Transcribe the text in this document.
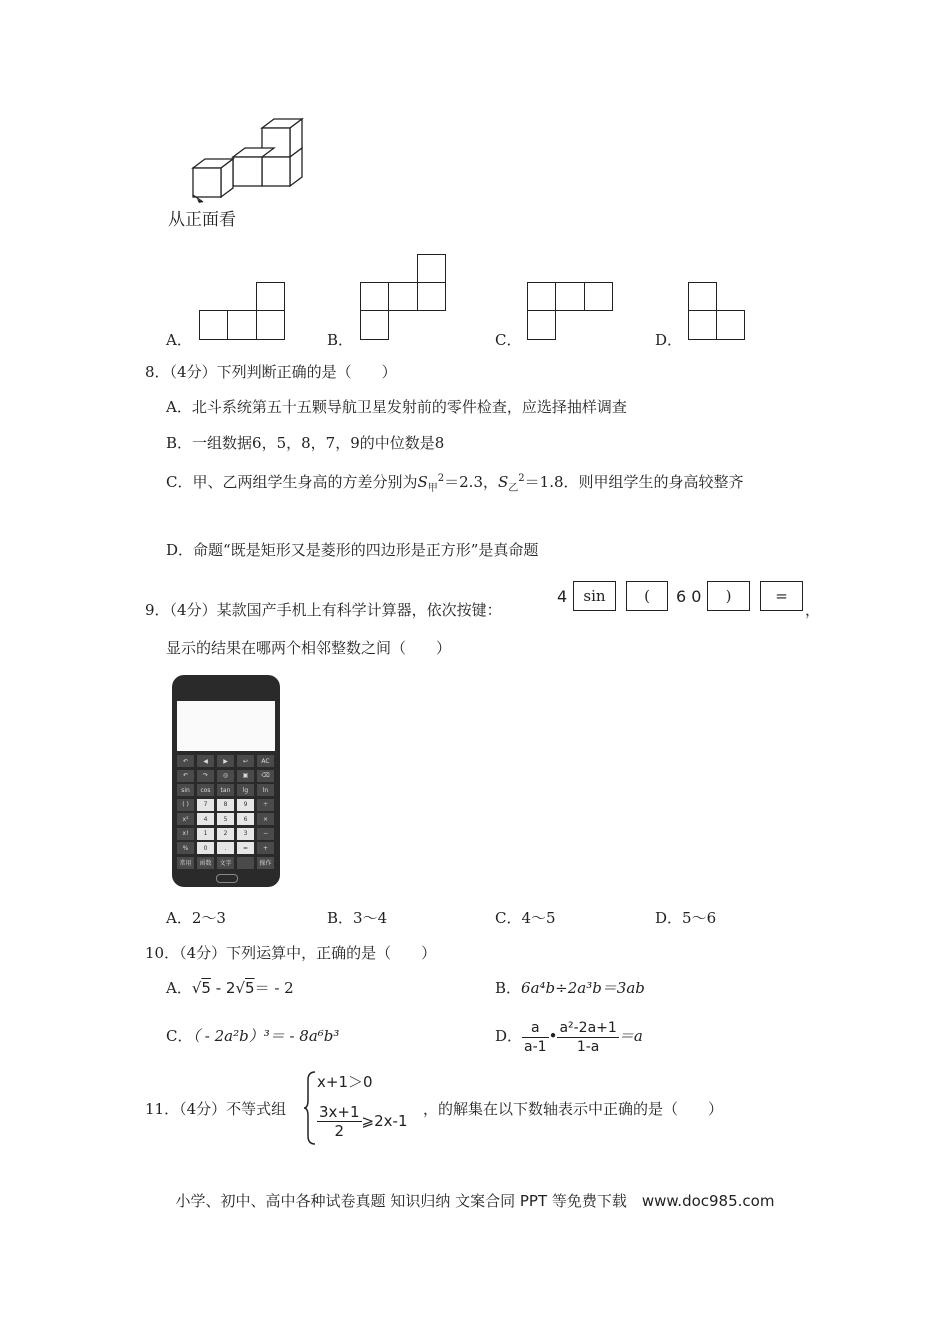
从正面看
A．	B．	C．	D．
8．（4分）下列判断正确的是（　　）
A．北斗系统第五十五颗导航卫星发射前的零件检查，应选择抽样调查
B．一组数据6，5，8，7，9的中位数是8
C．甲、乙两组学生身高的方差分别为$S_甲^2=2.3$，$S_乙^2=1.8$．则甲组学生的身高较整齐
D．命题“既是矩形又是菱形的四边形是正方形”是真命题
9．（4分）某款国产手机上有科学计算器，依次按键：
4	sin	(	6 0	)	=
，
显示的结果在哪两个相邻整数之间（　　）
↶	◀	▶	↩	AC
↶	↷	◎	▣	⌫
sin	cos	tan	lg	ln
( )	7	8	9	÷
x²	4	5	6	×
x!	1	2	3	−
%	0	.	=	+
常用	函数	文字	操作
A．2～3	B．3～4	C．4～5	D．5～6
10．（4分）下列运算中，正确的是（　　）
A．√5 - 2√5＝ - 2	B．6a⁴b÷2a³b＝3ab
C．（ - 2a²b）³＝ - 8a⁶b³	D． $\frac{a}{a-1}$ • $\frac{\text{a²-2a+1}}{1-a} =a$
11．（4分）不等式组
x+1＞0
$\frac{3x+1}{2}$ ⩾2x-1
，的解集在以下数轴表示中正确的是（　　）
小学、初中、高中各种试卷真题 知识归纳 文案合同 PPT 等免费下载　www.doc985.com
